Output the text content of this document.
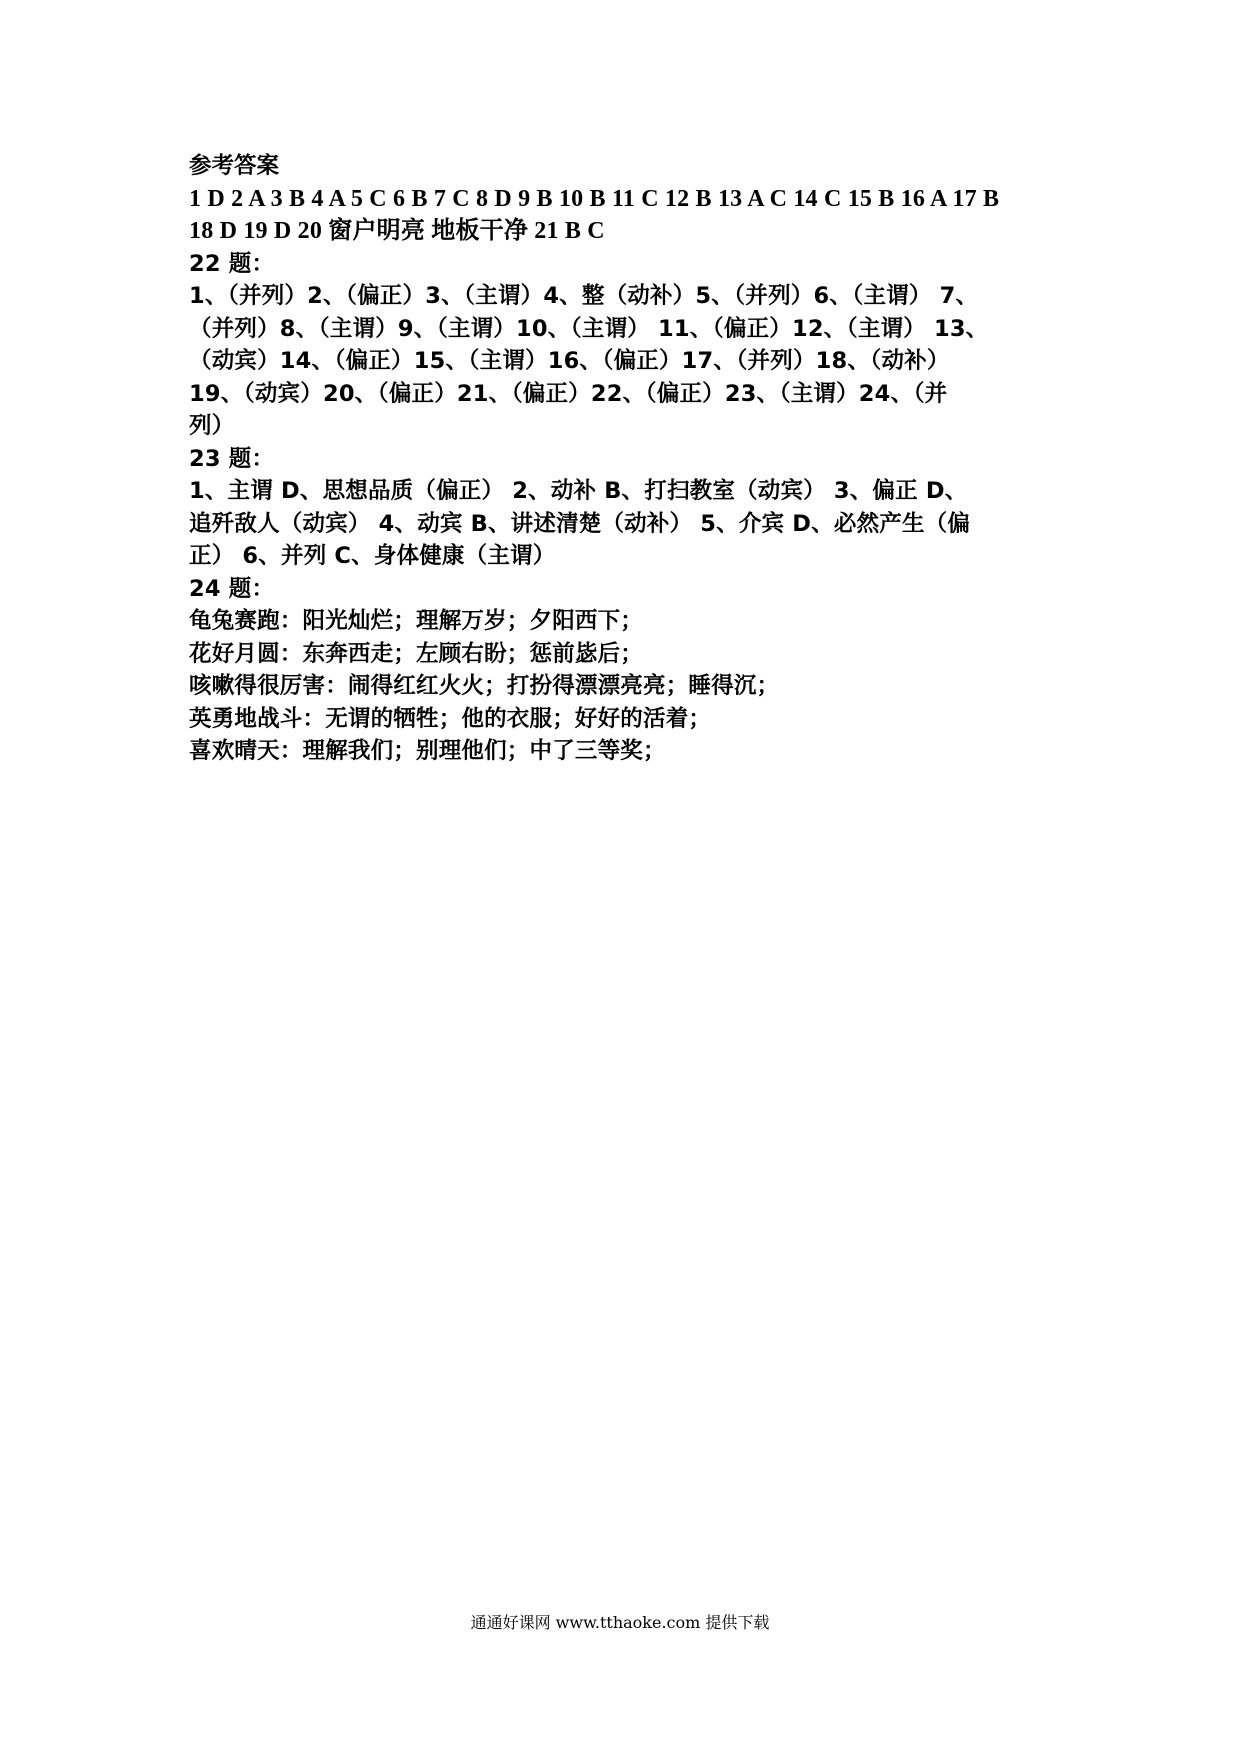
参考答案
1 D 2 A 3 B 4 A 5 C 6 B 7 C 8 D 9 B 10 B 11 C 12 B 13 A C 14 C 15 B 16 A 17 B
18 D 19 D 20 窗户明亮 地板干净 21 B C
22 题：
1、（并列）2、（偏正）3、（主谓）4、整（动补）5、（并列）6、（主谓） 7、
（并列）8、（主谓）9、（主谓）10、（主谓） 11、（偏正）12、（主谓） 13、
（动宾）14、（偏正）15、（主谓）16、（偏正）17、（并列）18、（动补）
19、（动宾）20、（偏正）21、（偏正）22、（偏正）23、（主谓）24、（并
列）
23 题：
1、主谓 D、思想品质（偏正） 2、动补 B、打扫教室（动宾） 3、偏正 D、
追歼敌人（动宾） 4、动宾 B、讲述清楚（动补） 5、介宾 D、必然产生（偏
正） 6、并列 C、身体健康（主谓）
24 题：
龟兔赛跑：阳光灿烂；理解万岁；夕阳西下；
花好月圆：东奔西走；左顾右盼；惩前毖后；
咳嗽得很厉害：闹得红红火火；打扮得漂漂亮亮；睡得沉；
英勇地战斗：无谓的牺牲；他的衣服；好好的活着；
喜欢晴天：理解我们；别理他们；中了三等奖；
通通好课网 www.tthaoke.com 提供下载
